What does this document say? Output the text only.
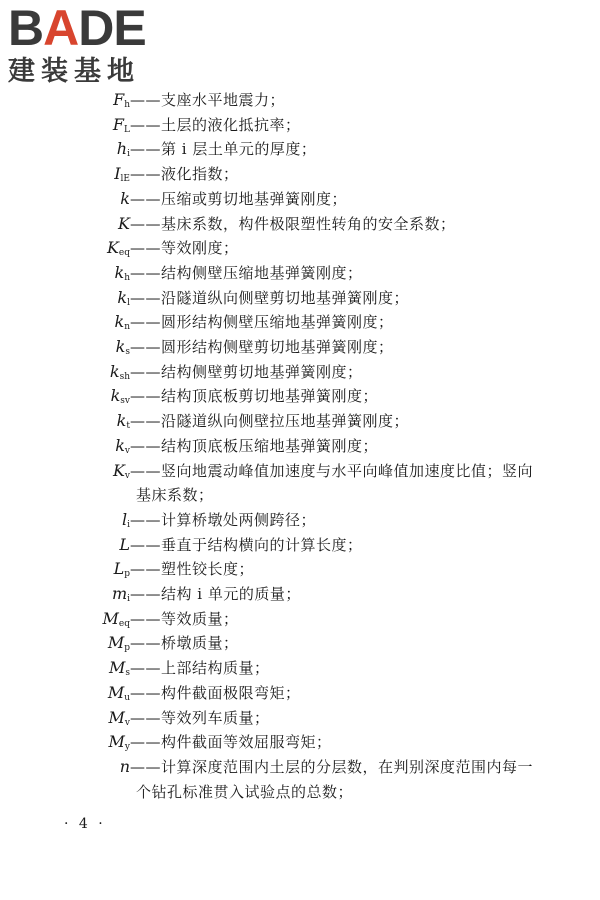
B A DE
建装基地
$F_h$ ——支座水平地震力；
$F_L$ ——土层的液化抵抗率；
$h_i$ ——第 i 层土单元的厚度；
$I_{lE}$ ——液化指数；
k ——压缩或剪切地基弹簧刚度；
K ——基床系数，构件极限塑性转角的安全系数；
$K_{eq}$ ——等效刚度；
$k_h$ ——结构侧壁压缩地基弹簧刚度；
$k_l$ ——沿隧道纵向侧壁剪切地基弹簧刚度；
$k_n$ ——圆形结构侧壁压缩地基弹簧刚度；
$k_s$ ——圆形结构侧壁剪切地基弹簧刚度；
$k_{sh}$ ——结构侧壁剪切地基弹簧刚度；
$k_{sv}$ ——结构顶底板剪切地基弹簧刚度；
$k_t$ ——沿隧道纵向侧壁拉压地基弹簧刚度；
$k_v$ ——结构顶底板压缩地基弹簧刚度；
$K_v$ ——竖向地震动峰值加速度与水平向峰值加速度比值；竖向
基床系数；
$l_i$ ——计算桥墩处两侧跨径；
L ——垂直于结构横向的计算长度；
$L_p$ ——塑性铰长度；
$m_i$ ——结构 i 单元的质量；
$M_{eq}$ ——等效质量；
$M_p$ ——桥墩质量；
$M_s$ ——上部结构质量；
$M_u$ ——构件截面极限弯矩；
$M_v$ ——等效列车质量；
$M_y$ ——构件截面等效屈服弯矩；
n ——计算深度范围内土层的分层数，在判别深度范围内每一
个钻孔标准贯入试验点的总数；
· 4 ·
